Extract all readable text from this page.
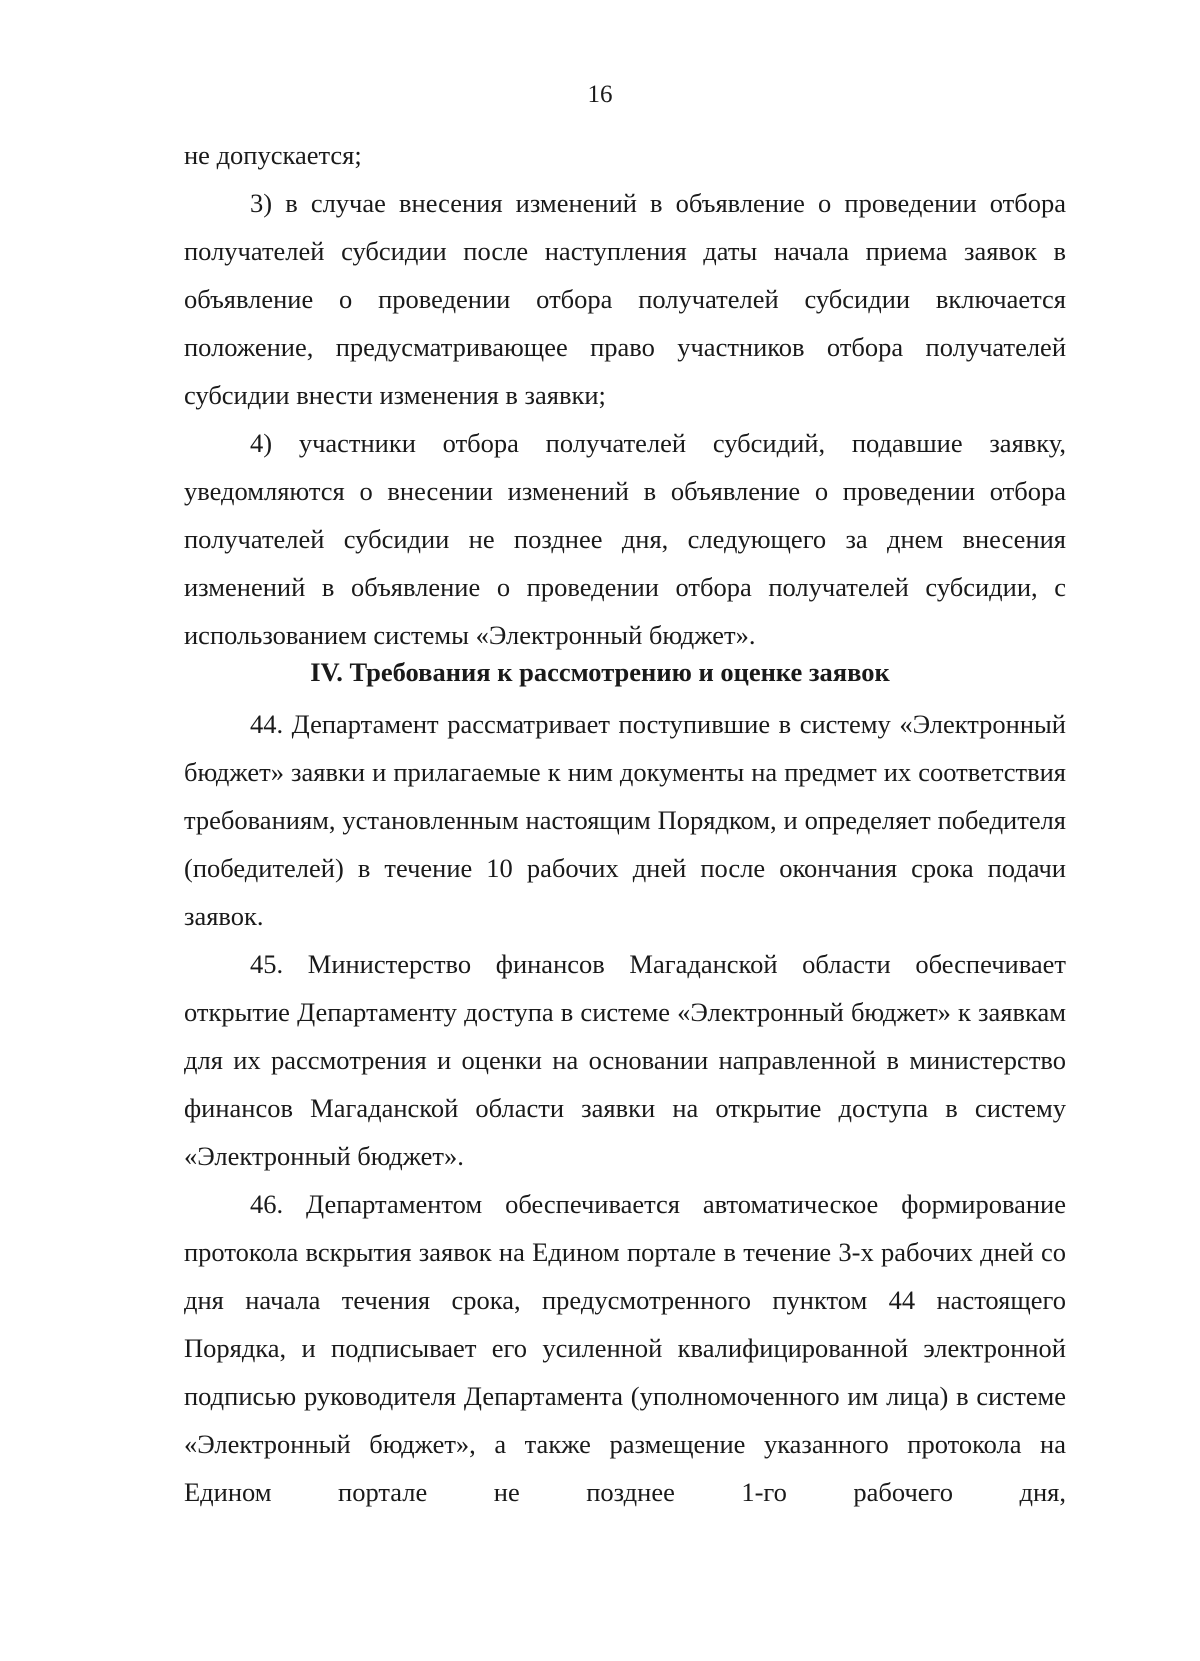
16

не допускается;

3) в случае внесения изменений в объявление о проведении отбора получателей субсидии после наступления даты начала приема заявок в объявление о проведении отбора получателей субсидии включается положение, предусматривающее право участников отбора получателей субсидии внести изменения в заявки;

4) участники отбора получателей субсидий, подавшие заявку, уведомляются о внесении изменений в объявление о проведении отбора получателей субсидии не позднее дня, следующего за днем внесения изменений в объявление о проведении отбора получателей субсидии, с использованием системы «Электронный бюджет».

IV. Требования к рассмотрению и оценке заявок

44. Департамент рассматривает поступившие в систему «Электронный бюджет» заявки и прилагаемые к ним документы на предмет их соответствия требованиям, установленным настоящим Порядком, и определяет победителя (победителей) в течение 10 рабочих дней после окончания срока подачи заявок.

45. Министерство финансов Магаданской области обеспечивает открытие Департаменту доступа в системе «Электронный бюджет» к заявкам для их рассмотрения и оценки на основании направленной в министерство финансов Магаданской области заявки на открытие доступа в систему «Электронный бюджет».

46. Департаментом обеспечивается автоматическое формирование протокола вскрытия заявок на Едином портале в течение 3-х рабочих дней со дня начала течения срока, предусмотренного пунктом 44 настоящего Порядка, и подписывает его усиленной квалифицированной электронной подписью руководителя Департамента (уполномоченного им лица) в системе «Электронный бюджет», а также размещение указанного протокола на Едином портале не позднее 1-го рабочего дня,
